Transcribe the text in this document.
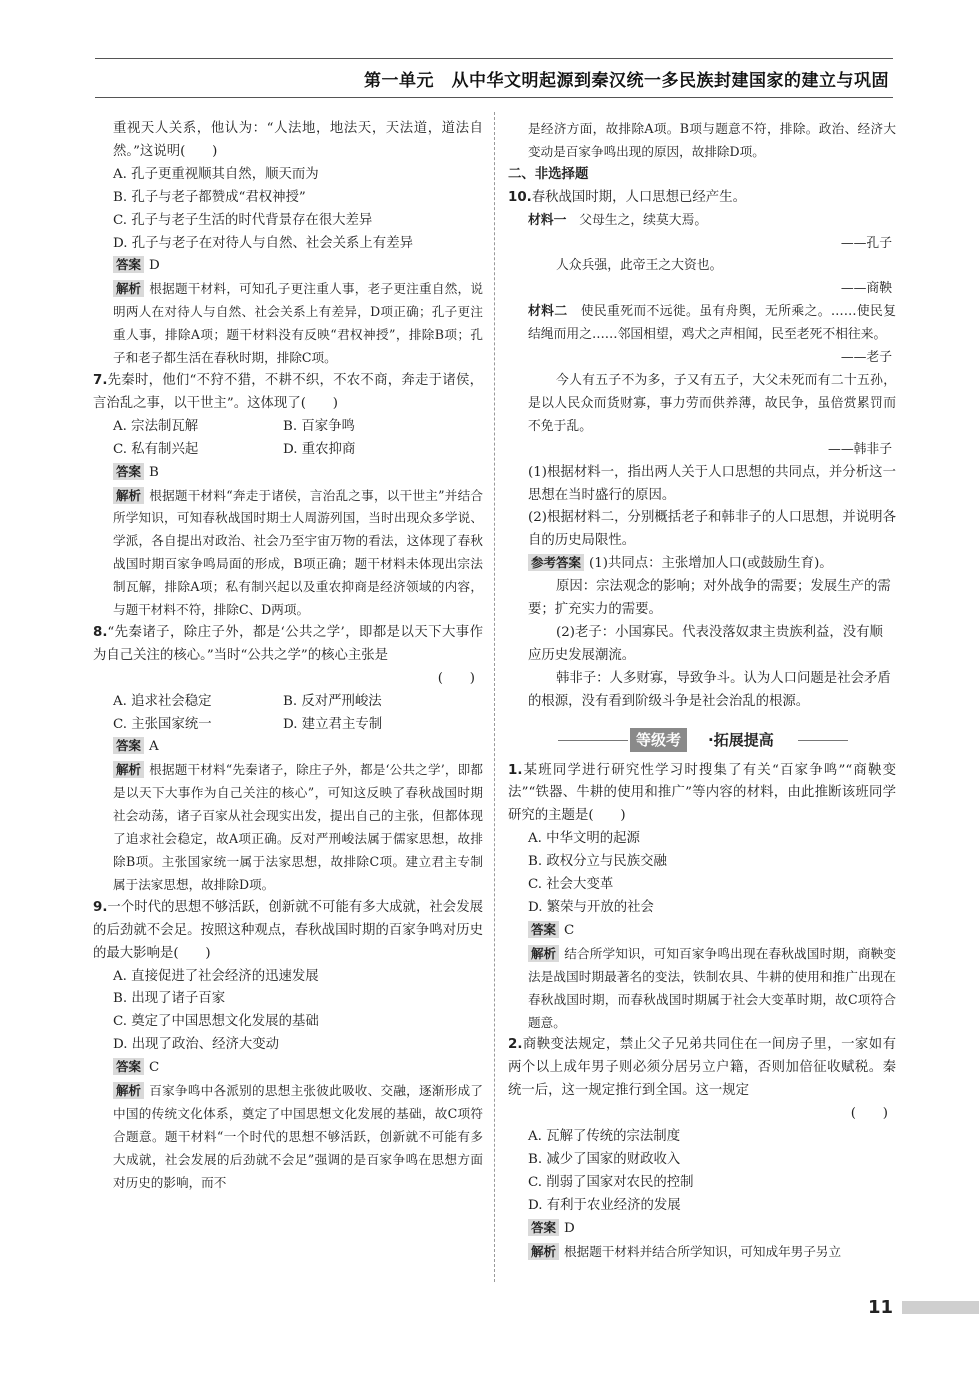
第一单元　从中华文明起源到秦汉统一多民族封建国家的建立与巩固

重视天人关系，他认为：“人法地，地法天，天法道，道法自然。”这说明(　　)

A. 孔子更重视顺其自然，顺天而为

B. 孔子与老子都赞成“君权神授”

C. 孔子与老子生活的时代背景存在很大差异

D. 孔子与老子在对待人与自然、社会关系上有差异

答案 D

解析 根据题干材料，可知孔子更注重人事，老子更注重自然，说明两人在对待人与自然、社会关系上有差异，D项正确；孔子更注重人事，排除A项；题干材料没有反映“君权神授”，排除B项；孔子和老子都生活在春秋时期，排除C项。

7.先秦时，他们“不狩不猎，不耕不织，不农不商，奔走于诸侯，言治乱之事，以干世主”。这体现了(　　)

A. 宗法制瓦解	B. 百家争鸣

C. 私有制兴起	D. 重农抑商

答案 B

解析 根据题干材料“奔走于诸侯，言治乱之事，以干世主”并结合所学知识，可知春秋战国时期士人周游列国，当时出现众多学说、学派，各自提出对政治、社会乃至宇宙万物的看法，这体现了春秋战国时期百家争鸣局面的形成，B项正确；题干材料未体现出宗法制瓦解，排除A项；私有制兴起以及重农抑商是经济领域的内容，与题干材料不符，排除C、D两项。

8.“先秦诸子，除庄子外，都是‘公共之学’，即都是以天下大事作为自己关注的核心。”当时“公共之学”的核心主张是

(　　)

A. 追求社会稳定	B. 反对严刑峻法

C. 主张国家统一	D. 建立君主专制

答案 A

解析 根据题干材料“先秦诸子，除庄子外，都是‘公共之学’，即都是以天下大事作为自己关注的核心”，可知这反映了春秋战国时期社会动荡，诸子百家从社会现实出发，提出自己的主张，但都体现了追求社会稳定，故A项正确。反对严刑峻法属于儒家思想，故排除B项。主张国家统一属于法家思想，故排除C项。建立君主专制属于法家思想，故排除D项。

9.一个时代的思想不够活跃，创新就不可能有多大成就，社会发展的后劲就不会足。按照这种观点，春秋战国时期的百家争鸣对历史的最大影响是(　　)

A. 直接促进了社会经济的迅速发展

B. 出现了诸子百家

C. 奠定了中国思想文化发展的基础

D. 出现了政治、经济大变动

答案 C

解析 百家争鸣中各派别的思想主张彼此吸收、交融，逐渐形成了中国的传统文化体系，奠定了中国思想文化发展的基础，故C项符合题意。题干材料“一个时代的思想不够活跃，创新就不可能有多大成就，社会发展的后劲就不会足”强调的是百家争鸣在思想方面对历史的影响，而不

是经济方面，故排除A项。B项与题意不符，排除。政治、经济大变动是百家争鸣出现的原因，故排除D项。

二、非选择题

10.春秋战国时期，人口思想已经产生。

材料一　 父母生之，续莫大焉。

——孔子

人众兵强，此帝王之大资也。

——商鞅

材料二　 使民重死而不远徙。虽有舟舆，无所乘之。……使民复结绳而用之……邻国相望，鸡犬之声相闻，民至老死不相往来。

——老子

今人有五子不为多，子又有五子，大父未死而有二十五孙，是以人民众而货财寡，事力劳而供养薄，故民争，虽倍赏累罚而不免于乱。

——韩非子

(1)根据材料一，指出两人关于人口思想的共同点，并分析这一思想在当时盛行的原因。

(2)根据材料二，分别概括老子和韩非子的人口思想，并说明各自的历史局限性。

参考答案 (1)共同点：主张增加人口(或鼓励生育)。

原因：宗法观念的影响；对外战争的需要；发展生产的需要；扩充实力的需要。

(2)老子：小国寡民。代表没落奴隶主贵族利益，没有顺应历史发展潮流。

韩非子：人多财寡，导致争斗。认为人口问题是社会矛盾的根源，没有看到阶级斗争是社会治乱的根源。

等级考	·拓展提高

1.某班同学进行研究性学习时搜集了有关“百家争鸣”“商鞅变法”“铁器、牛耕的使用和推广”等内容的材料，由此推断该班同学研究的主题是(　　)

A. 中华文明的起源

B. 政权分立与民族交融

C. 社会大变革

D. 繁荣与开放的社会

答案 C

解析 结合所学知识，可知百家争鸣出现在春秋战国时期，商鞅变法是战国时期最著名的变法，铁制农具、牛耕的使用和推广出现在春秋战国时期，而春秋战国时期属于社会大变革时期，故C项符合题意。

2.商鞅变法规定，禁止父子兄弟共同住在一间房子里，一家如有两个以上成年男子则必须分居另立户籍，否则加倍征收赋税。秦统一后，这一规定推行到全国。这一规定

(　　)

A. 瓦解了传统的宗法制度

B. 减少了国家的财政收入

C. 削弱了国家对农民的控制

D. 有利于农业经济的发展

答案 D

解析 根据题干材料并结合所学知识，可知成年男子另立

11
